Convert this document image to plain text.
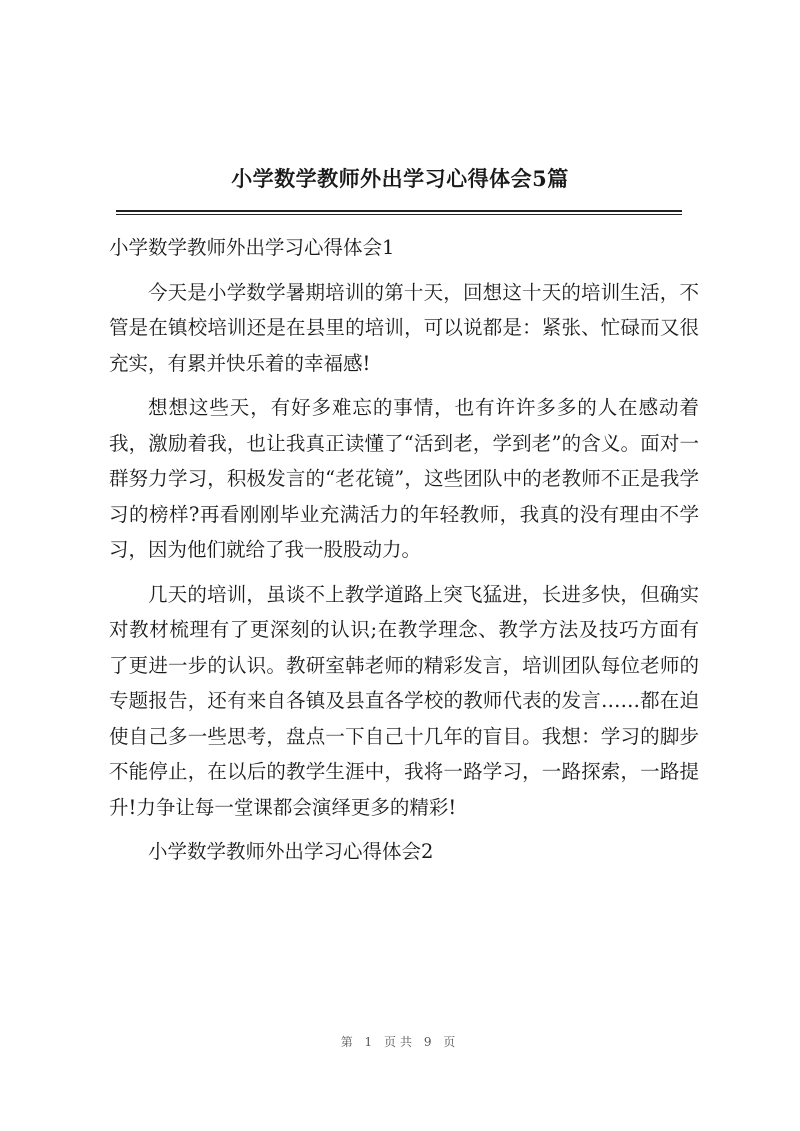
小学数学教师外出学习心得体会5篇

小学数学教师外出学习心得体会1

今天是小学数学暑期培训的第十天，回想这十天的培训生活，不管是在镇校培训还是在县里的培训，可以说都是：紧张、忙碌而又很充实，有累并快乐着的幸福感!

想想这些天，有好多难忘的事情，也有许许多多的人在感动着我，激励着我，也让我真正读懂了“活到老，学到老”的含义。面对一群努力学习，积极发言的“老花镜”，这些团队中的老教师不正是我学习的榜样?再看刚刚毕业充满活力的年轻教师，我真的没有理由不学习，因为他们就给了我一股股动力。

几天的培训，虽谈不上教学道路上突飞猛进，长进多快，但确实对教材梳理有了更深刻的认识;在教学理念、教学方法及技巧方面有了更进一步的认识。教研室韩老师的精彩发言，培训团队每位老师的专题报告，还有来自各镇及县直各学校的教师代表的发言……都在迫使自己多一些思考，盘点一下自己十几年的盲目。我想：学习的脚步不能停止，在以后的教学生涯中，我将一路学习，一路探索，一路提升!力争让每一堂课都会演绎更多的精彩!

小学数学教师外出学习心得体会2

第 1 页共 9 页
